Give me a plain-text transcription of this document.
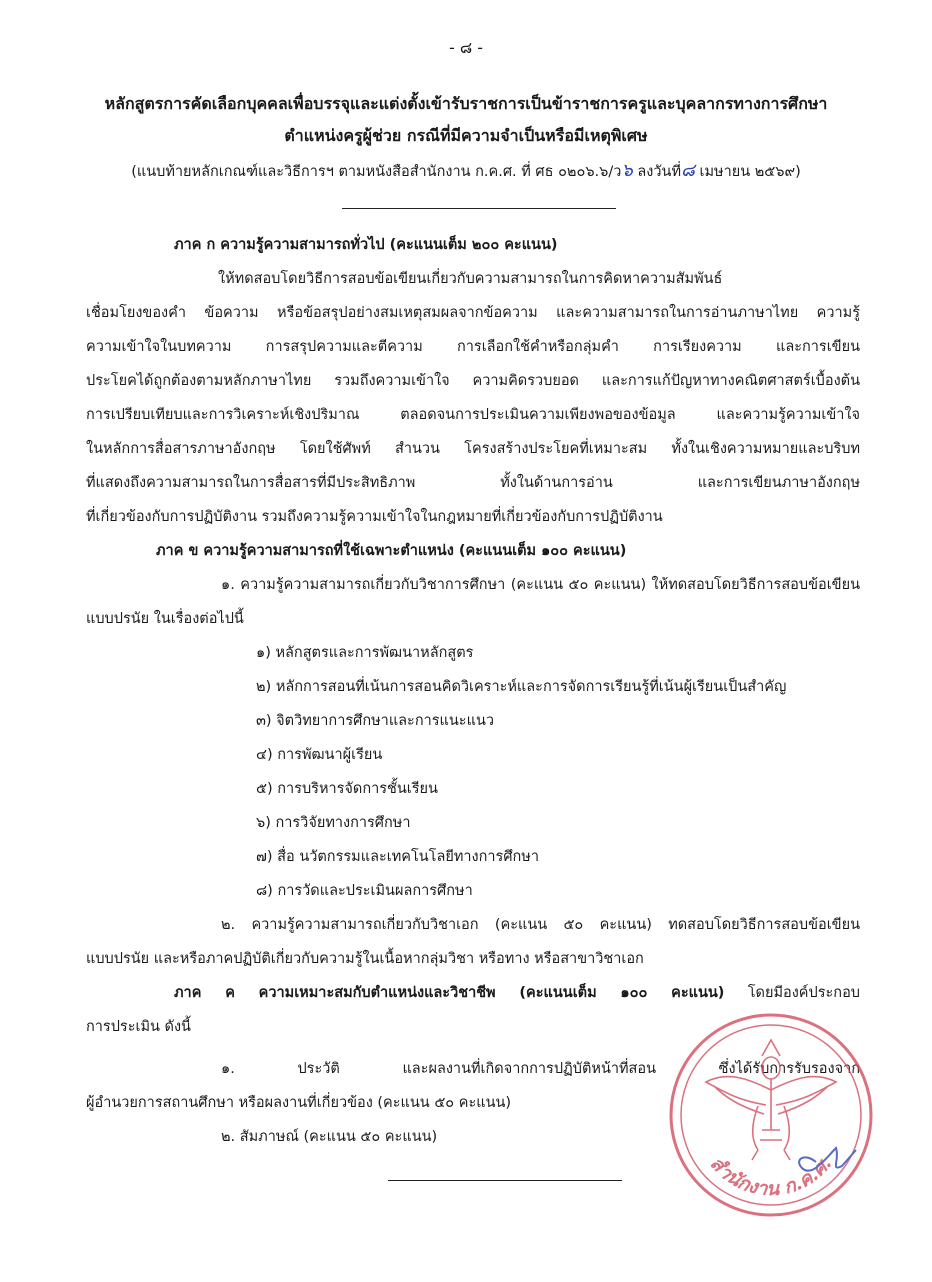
- ๘ -
หลักสูตรการคัดเลือกบุคคลเพื่อบรรจุและแต่งตั้งเข้ารับราชการเป็นข้าราชการครูและบุคลากรทางการศึกษา
ตำแหน่งครูผู้ช่วย กรณีที่มีความจำเป็นหรือมีเหตุพิเศษ
(แนบท้ายหลักเกณฑ์และวิธีการฯ ตามหนังสือสำนักงาน ก.ค.ศ. ที่ ศธ ๐๒๐๖.๖/ว๖ ลงวันที่๘ เมษายน ๒๕๖๙)
ภาค ก ความรู้ความสามารถทั่วไป (คะแนนเต็ม ๒๐๐ คะแนน)
ให้ทดสอบโดยวิธีการสอบข้อเขียนเกี่ยวกับความสามารถในการคิดหาความสัมพันธ์
เชื่อมโยงของคำ ข้อความ หรือข้อสรุปอย่างสมเหตุสมผลจากข้อความ และความสามารถในการอ่านภาษาไทย ความรู้
ความเข้าใจในบทความ การสรุปความและตีความ การเลือกใช้คำหรือกลุ่มคำ การเรียงความ และการเขียน
ประโยคได้ถูกต้องตามหลักภาษาไทย รวมถึงความเข้าใจ ความคิดรวบยอด และการแก้ปัญหาทางคณิตศาสตร์เบื้องต้น
การเปรียบเทียบและการวิเคราะห์เชิงปริมาณ ตลอดจนการประเมินความเพียงพอของข้อมูล และความรู้ความเข้าใจ
ในหลักการสื่อสารภาษาอังกฤษ โดยใช้ศัพท์ สำนวน โครงสร้างประโยคที่เหมาะสม ทั้งในเชิงความหมายและบริบท
ที่แสดงถึงความสามารถในการสื่อสารที่มีประสิทธิภาพ ทั้งในด้านการอ่าน และการเขียนภาษาอังกฤษ
ที่เกี่ยวข้องกับการปฏิบัติงาน รวมถึงความรู้ความเข้าใจในกฎหมายที่เกี่ยวข้องกับการปฏิบัติงาน
ภาค ข ความรู้ความสามารถที่ใช้เฉพาะตำแหน่ง (คะแนนเต็ม ๑๐๐ คะแนน)
๑. ความรู้ความสามารถเกี่ยวกับวิชาการศึกษา (คะแนน ๕๐ คะแนน) ให้ทดสอบโดยวิธีการสอบข้อเขียน
แบบปรนัย ในเรื่องต่อไปนี้
๑) หลักสูตรและการพัฒนาหลักสูตร
๒) หลักการสอนที่เน้นการสอนคิดวิเคราะห์และการจัดการเรียนรู้ที่เน้นผู้เรียนเป็นสำคัญ
๓) จิตวิทยาการศึกษาและการแนะแนว
๔) การพัฒนาผู้เรียน
๕) การบริหารจัดการชั้นเรียน
๖) การวิจัยทางการศึกษา
๗) สื่อ นวัตกรรมและเทคโนโลยีทางการศึกษา
๘) การวัดและประเมินผลการศึกษา
๒. ความรู้ความสามารถเกี่ยวกับวิชาเอก (คะแนน ๕๐ คะแนน) ทดสอบโดยวิธีการสอบข้อเขียน
แบบปรนัย และหรือภาคปฏิบัติเกี่ยวกับความรู้ในเนื้อหากลุ่มวิชา หรือทาง หรือสาขาวิชาเอก
ภาค ค ความเหมาะสมกับตำแหน่งและวิชาชีพ (คะแนนเต็ม ๑๐๐ คะแนน) โดยมีองค์ประกอบ
การประเมิน ดังนี้
๑. ประวัติ และผลงานที่เกิดจากการปฏิบัติหน้าที่สอน ซึ่งได้รับการรับรองจาก
ผู้อำนวยการสถานศึกษา หรือผลงานที่เกี่ยวข้อง (คะแนน ๕๐ คะแนน)
๒. สัมภาษณ์ (คะแนน ๕๐ คะแนน)
สำนักงาน ก.ค.ศ.
